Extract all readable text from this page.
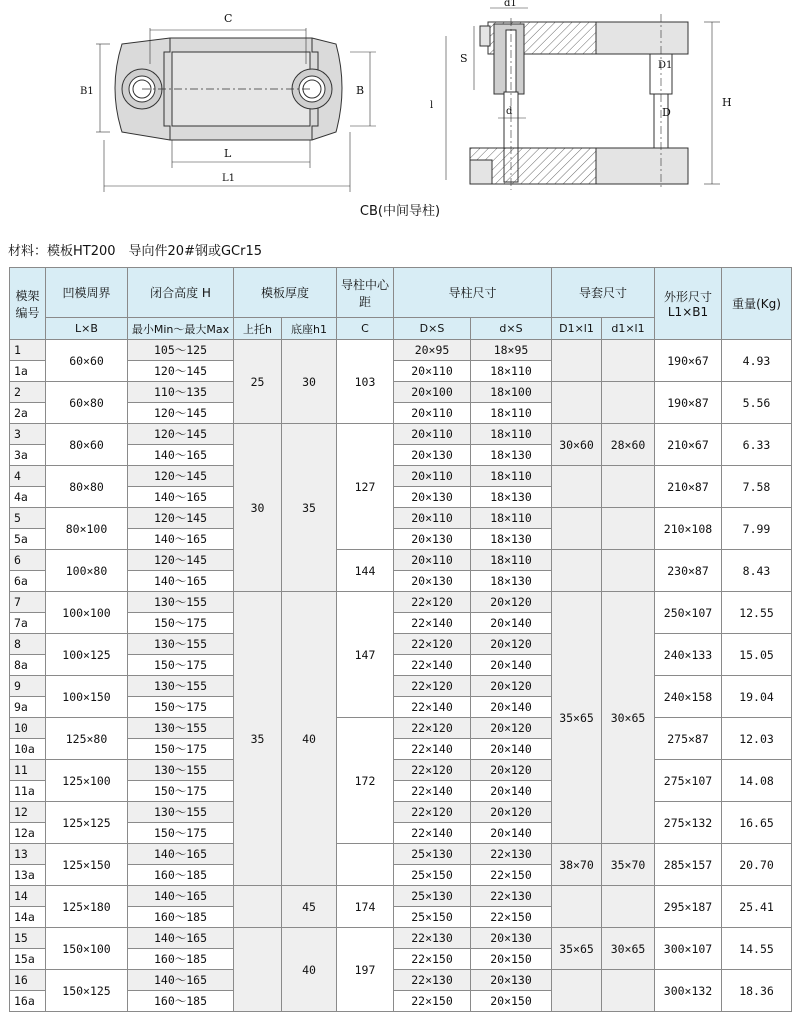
C
B1	B
L
L1
d1
S
d
l	H
D1
D
CB(中间导柱)
材料：模板HT200　导向件20#钢或GCr15
模架编号	凹模周界	闭合高度 H	模板厚度		导柱中心距	导柱尺寸		导套尺寸		外形尺寸L1×B1	重量(Kg)
	L×B	最小Min～最大Max	上托h	底座h1	C	D×S	d×S	D1×l1	d1×l1		
1	60×60	105～125	25	30	103	20×95	18×95			190×67	4.93
1a		120～145				20×110	18×110				
2	60×80	110～135				20×100	18×100			190×87	5.56
2a		120～145				20×110	18×110				
3	80×60	120～145	30	35	127	20×110	18×110	30×60	28×60	210×67	6.33
3a		140～165				20×130	18×130				
4	80×80	120～145				20×110	18×110			210×87	7.58
4a		140～165				20×130	18×130				
5	80×100	120～145				20×110	18×110			210×108	7.99
5a		140～165				20×130	18×130				
6	100×80	120～145			144	20×110	18×110			230×87	8.43
6a		140～165				20×130	18×130				
7	100×100	130～155	35	40	147	22×120	20×120	35×65	30×65	250×107	12.55
7a		150～175				22×140	20×140				
8	100×125	130～155				22×120	20×120			240×133	15.05
8a		150～175				22×140	20×140				
9	100×150	130～155				22×120	20×120			240×158	19.04
9a		150～175				22×140	20×140				
10	125×80	130～155			172	22×120	20×120			275×87	12.03
10a		150～175				22×140	20×140				
11	125×100	130～155				22×120	20×120			275×107	14.08
11a		150～175				22×140	20×140				
12	125×125	130～155				22×120	20×120			275×132	16.65
12a		150～175				22×140	20×140				
13	125×150	140～165				25×130	22×130	38×70	35×70	285×157	20.70
13a		160～185				25×150	22×150				
14	125×180	140～165		45	174	25×130	22×130			295×187	25.41
14a		160～185				25×150	22×150				
15	150×100	140～165		40	197	22×130	20×130	35×65	30×65	300×107	14.55
15a		160～185				22×150	20×150				
16	150×125	140～165				22×130	20×130			300×132	18.36
16a		160～185				22×150	20×150				
